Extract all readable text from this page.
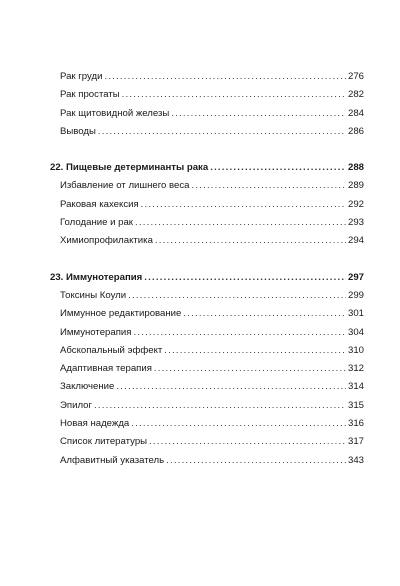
Рак груди .....	276
Рак простаты .....	282
Рак щитовидной железы .....	284
Выводы .....	286
22. Пищевые детерминанты рака .....	288
Избавление от лишнего веса .....	289
Раковая кахексия .....	292
Голодание и рак .....	293
Химиопрофилактика .....	294
23. Иммунотерапия .....	297
Токсины Коули .....	299
Иммунное редактирование .....	301
Иммунотерапия .....	304
Абскопальный эффект .....	310
Адаптивная терапия .....	312
Заключение .....	314
Эпилог .....	315
Новая надежда .....	316
Список литературы .....	317
Алфавитный указатель .....	343
